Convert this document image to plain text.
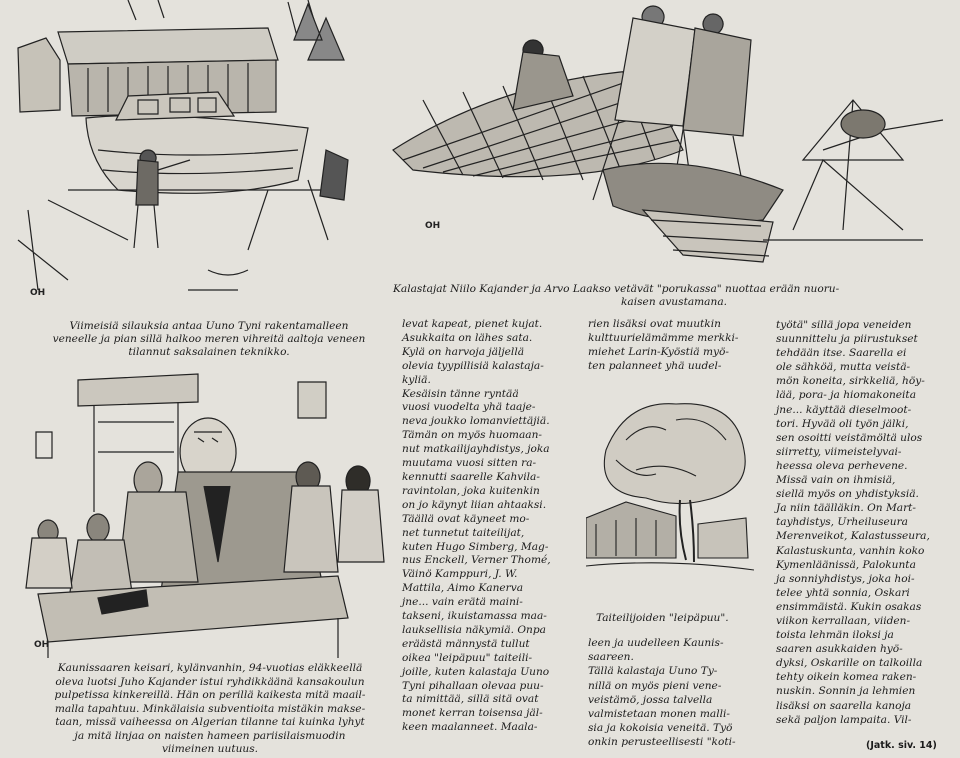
OH
OH
OH

Kalastajat Niilo Kajander ja Arvo Laakso vetävät "porukassa" nuottaa erään nuoru-
kaisen avustamana.

Viimeisiä silauksia antaa Uuno Tyni rakentamalleen
veneelle ja pian sillä halkoo meren vihreitä aaltoja veneen
tilannut saksalainen teknikko.

Kaunissaaren keisari, kylänvanhin, 94-vuotias eläkkeellä
oleva luotsi Juho Kajander istui ryhdikkäänä kansakoulun
pulpetissa kinkereillä. Hän on perillä kaikesta mitä maail-
malla tapahtuu. Minkälaisia subventioita mistäkin makse-
taan, missä vaiheessa on Algerian tilanne tai kuinka lyhyt
ja mitä linjaa on naisten hameen pariisilaismuodin
viimeinen uutuus.

Taiteilijoiden "leipäpuu".
levat kapeat, pienet kujat.
Asukkaita on lähes sata.
Kylä on harvoja jäljellä
olevia tyypillisiä kalastaja-
kyliä.
Kesäisin tänne ryntää
vuosi vuodelta yhä taaje-
neva joukko lomanviettäjiä.
Tämän on myös huomaan-
nut matkailijayhdistys, joka
muutama vuosi sitten ra-
kennutti saarelle Kahvila-
ravintolan, joka kuitenkin
on jo käynyt liian ahtaaksi.
Täällä ovat käyneet mo-
net tunnetut taiteilijat,
kuten Hugo Simberg, Mag-
nus Enckell, Verner Thomé,
Väinö Kamppuri, J. W.
Mattila, Aimo Kanerva
jne... vain erätä maini-
takseni, ikuistamassa maa-
lauksellisia näkymiä. Onpa
eräästä männystä tullut
oikea "leipäpuu" taiteili-
joille, kuten kalastaja Uuno
Tyni pihallaan olevaa puu-
ta nimittää, sillä sitä ovat
monet kerran toisensa jäl-
keen maalanneet. Maala-
rien lisäksi ovat muutkin
kulttuurielämämme merkki-
miehet Larin-Kyöstiä myö-
ten palanneet yhä uudel-
leen ja uudelleen Kaunis-
saareen.
Tällä kalastaja Uuno Ty-
nillä on myös pieni vene-
veistämö, jossa talvella
valmistetaan monen malli-
sia ja kokoisia veneitä. Työ
onkin perusteellisesti "koti-
työtä" sillä jopa veneiden
suunnittelu ja piirustukset
tehdään itse. Saarella ei
ole sähköä, mutta veistä-
mön koneita, sirkkeliä, höy-
lää, pora- ja hiomakoneita
jne... käyttää dieselmoot-
tori. Hyvää oli työn jälki,
sen osoitti veistämöltä ulos
siirretty, viimeistelyvai-
heessa oleva perhevene.
Missä vain on ihmisiä,
siellä myös on yhdistyksiä.
Ja niin täälläkin. On Mart-
tayhdistys, Urheiluseura
Merenveikot, Kalastusseura,
Kalastuskunta, vanhin koko
Kymenläänissä, Palokunta
ja sonniyhdistys, joka hoi-
telee yhtä sonnia, Oskari
ensimmäistä. Kukin osakas
viikon kerrallaan, viiden-
toista lehmän iloksi ja
saaren asukkaiden hyö-
dyksi, Oskarille on talkoilla
tehty oikein komea raken-
nuskin. Sonnin ja lehmien
lisäksi on saarella kanoja
sekä paljon lampaita. Vil-
(Jatk. siv. 14)
